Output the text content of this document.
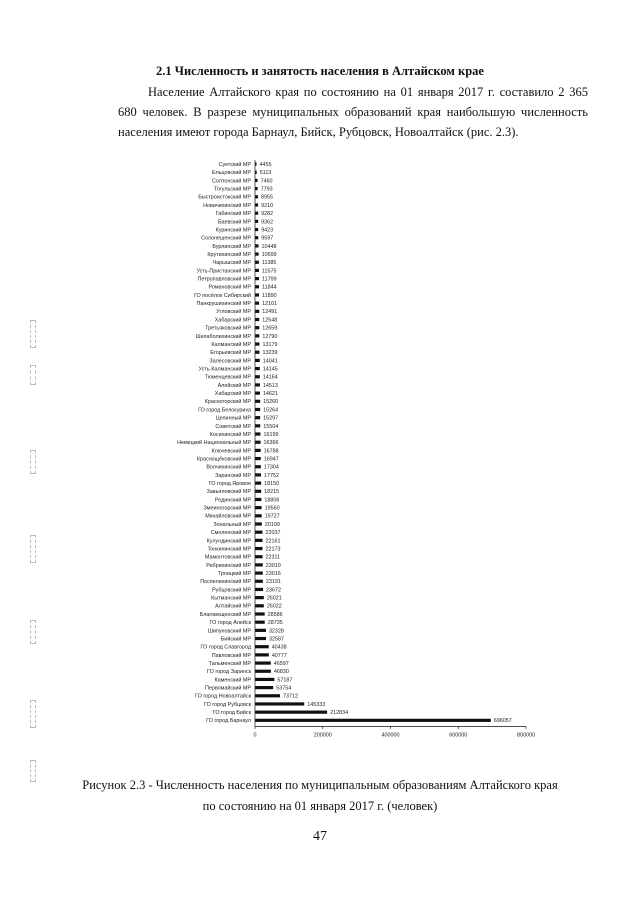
2.1 Численность и занятость населения в Алтайском крае
Население Алтайского края по состоянию на 01 января 2017 г. составило 2 365 680 человек. В разрезе муниципальных образований края наибольшую численность населения имеют города Барнаул, Бийск, Рубцовск, Новоалтайск (рис. 2.3).
Суетский МР 4455
Ельцовский МР 5113
Солтонский МР 7460
Тогульский МР 7793
Быстроистокский МР 8955
Новичихинский МР 9210
Габинский МР 9282
Баевский МР 9362
Куринский МР 9423
Солонешенский МР 9597
Бурлинский МР 10448
Крутихинский МР 10699
Чарышский МР 11385
Усть-Пристанский МР 11575
Петропавловский МР 11799
Романовский МР 11844
ГО посёлок Сибирский 11890
Панкрушихинский МР 12101
Угловский МР 12491
Хабарский МР 12548
Третьяковский МР 12659
Шелаболихинский МР 12790
Калманский МР 13179
Егорьевский МР 13239
Залесовский МР 14041
Усть-Калманский МР 14145
Тюменцевский МР 14164
Алейский МР 14513
Хабарский МР 14621
Красногорский МР 15260
ГО город Белокуриха 15264
Целинный МР 15297
Советский МР 15504
Косихинский МР 16199
Немецкий Национальный МР 16366
Ключевский МР 16788
Краснощёковский МР 16947
Волчихинский МР 17304
Заринский МР 17752
ГО город Яровое 18150
Завьяловский МР 18215
Родинский МР 18806
Змеиногорский МР	19560
Михайловский МР	19727
Зональный МР	20199
Смоленский МР	22037
Кулундинский МР	22161
Тонкихинский МР	22173
Мамонтовский МР	22311
Ребрихинский МР	23010
Троицкий МР	23016
Поспелихинский МР	23191
Рубцовский МР	23672
Кытманский МР	26021
Алтайский МР	26022
Благовещенский МР	28586
ГО город Алейск	28735
Шипуновский МР	32328
Бийский МР	32587
ГО город Славгород	40438
Павловский МР	40777
Тальменский МР	46597
ГО город Заринск	46830
Каменский МР	57187
Первомайский МР	53754
ГО город Новоалтайск	73712
ГО город Рубцовск	145333
ГО город Бийск	212834
ГО город Барнаул	696057
0	200000	400000	600000	800000
Рисунок 2.3 - Численность населения по муниципальным образованиям Алтайского края
по состоянию на 01 января 2017 г. (человек)
47
